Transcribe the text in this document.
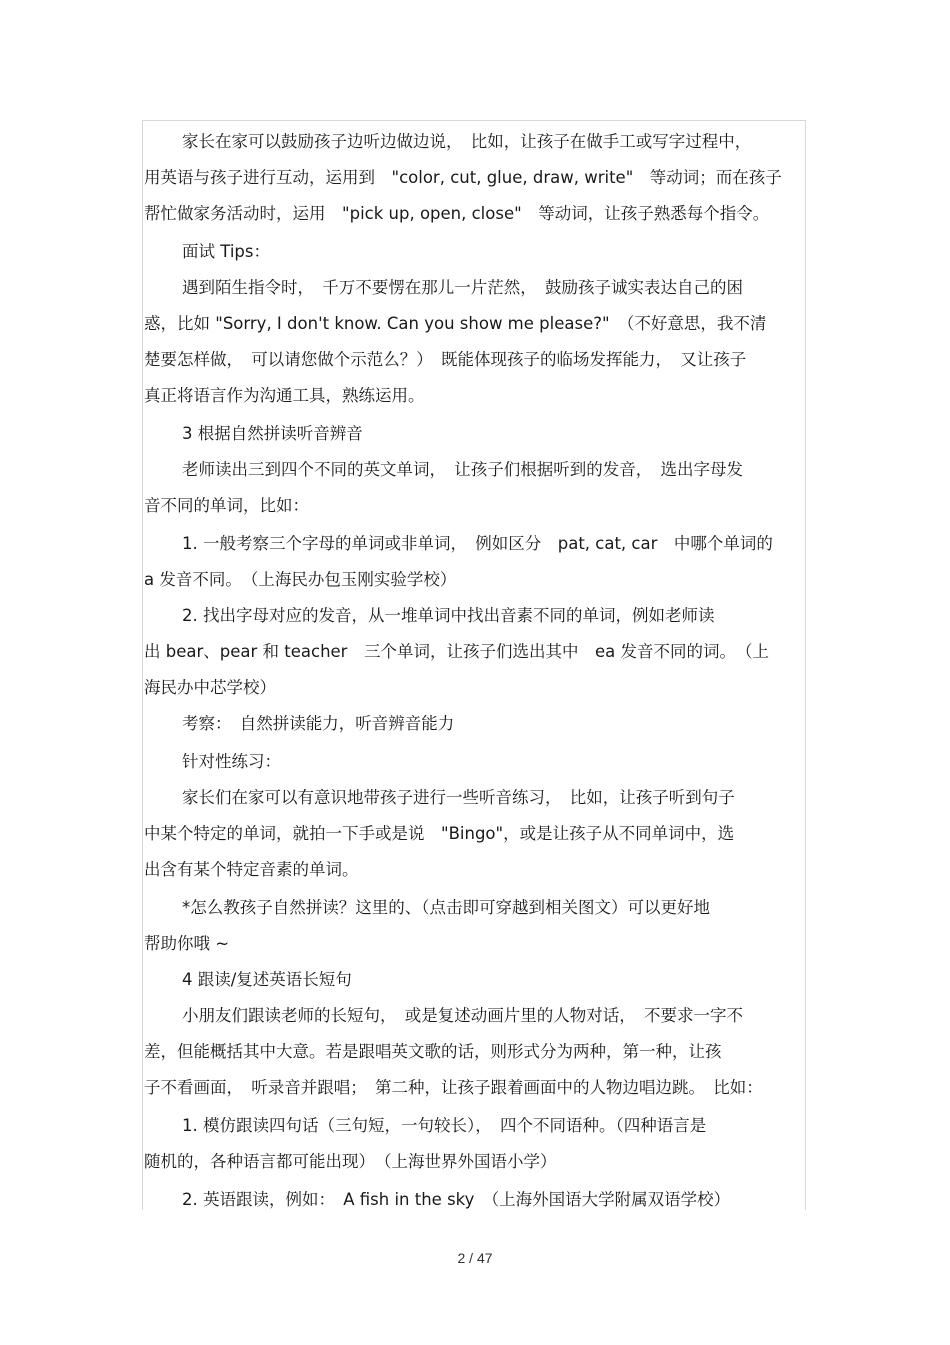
家长在家可以鼓励孩子边听边做边说，　比如，让孩子在做手工或写字过程中，
用英语与孩子进行互动，运用到　"color, cut, glue, draw, write"　等动词；而在孩子
帮忙做家务活动时，运用　"pick up, open, close"　等动词，让孩子熟悉每个指令。
面试 Tips：
遇到陌生指令时，　千万不要愣在那儿一片茫然，　鼓励孩子诚实表达自己的困
惑，比如 "Sorry, I don't know. Can you show me please?"　（不好意思，我不清
楚要怎样做，　可以请您做个示范么？）　既能体现孩子的临场发挥能力，　又让孩子
真正将语言作为沟通工具，熟练运用。
3 根据自然拼读听音辨音
老师读出三到四个不同的英文单词，　让孩子们根据听到的发音，　选出字母发
音不同的单词，比如：
1. 一般考察三个字母的单词或非单词，　例如区分　pat, cat, car　中哪个单词的
a 发音不同。　（上海民办包玉刚实验学校）
2. 找出字母对应的发音，从一堆单词中找出音素不同的单词，例如老师读
出 bear、pear 和 teacher　三个单词，让孩子们选出其中　ea 发音不同的词。　（上
海民办中芯学校）
考察：　自然拼读能力，听音辨音能力
针对性练习：
家长们在家可以有意识地带孩子进行一些听音练习，　比如，让孩子听到句子
中某个特定的单词，就拍一下手或是说　"Bingo"，或是让孩子从不同单词中，选
出含有某个特定音素的单词。
*怎么教孩子自然拼读？这里的、（点击即可穿越到相关图文）可以更好地
帮助你哦 ~
4 跟读/复述英语长短句
小朋友们跟读老师的长短句，　或是复述动画片里的人物对话，　不要求一字不
差，但能概括其中大意。若是跟唱英文歌的话，则形式分为两种，第一种，让孩
子不看画面，　听录音并跟唱；　第二种，让孩子跟着画面中的人物边唱边跳。　比如：
1. 模仿跟读四句话（三句短，一句较长），　四个不同语种。（四种语言是
随机的，各种语言都可能出现）　（上海世界外国语小学）
2. 英语跟读，例如：　A fish in the sky　（上海外国语大学附属双语学校）
2 / 47
